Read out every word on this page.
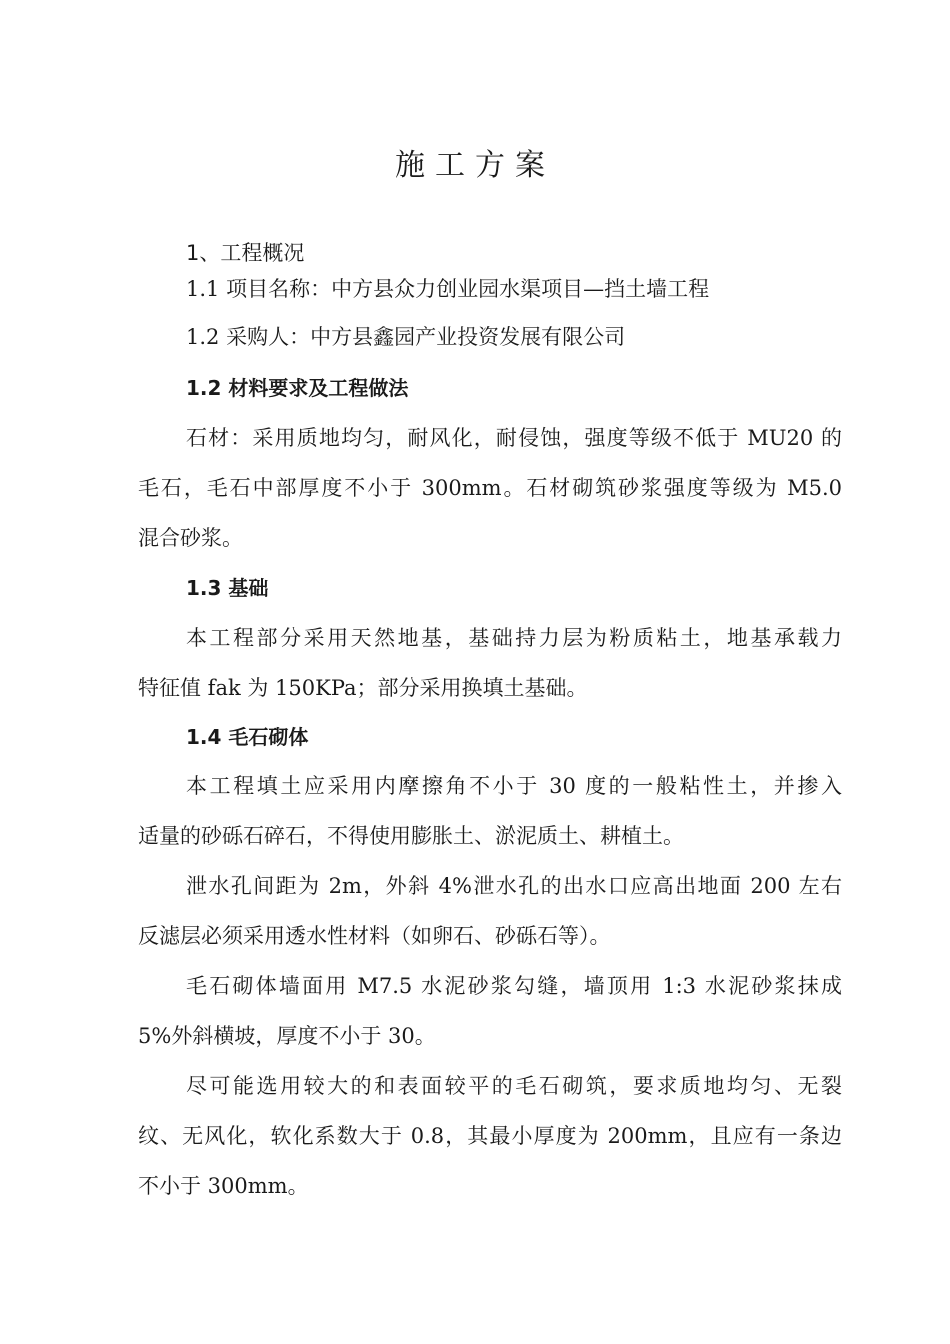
施工方案
1、工程概况
1.1 项目名称：中方县众力创业园水渠项目—挡土墙工程
1.2 采购人：中方县鑫园产业投资发展有限公司
1.2 材料要求及工程做法
石材：采用质地均匀，耐风化，耐侵蚀，强度等级不低于 MU20 的
毛石，毛石中部厚度不小于 300mm。石材砌筑砂浆强度等级为 M5.0
混合砂浆。
1.3 基础
本工程部分采用天然地基，基础持力层为粉质粘土，地基承载力
特征值 fak 为 150KPa；部分采用换填土基础。
1.4 毛石砌体
本工程填土应采用内摩擦角不小于 30 度的一般粘性土，并掺入
适量的砂砾石碎石，不得使用膨胀土、淤泥质土、耕植土。
泄水孔间距为 2m，外斜 4%泄水孔的出水口应高出地面 200 左右
反滤层必须采用透水性材料（如卵石、砂砾石等）。
毛石砌体墙面用 M7.5 水泥砂浆勾缝，墙顶用 1:3 水泥砂浆抹成
5%外斜横坡，厚度不小于 30。
尽可能选用较大的和表面较平的毛石砌筑，要求质地均匀、无裂
纹、无风化，软化系数大于 0.8，其最小厚度为 200mm，且应有一条边
不小于 300mm。
